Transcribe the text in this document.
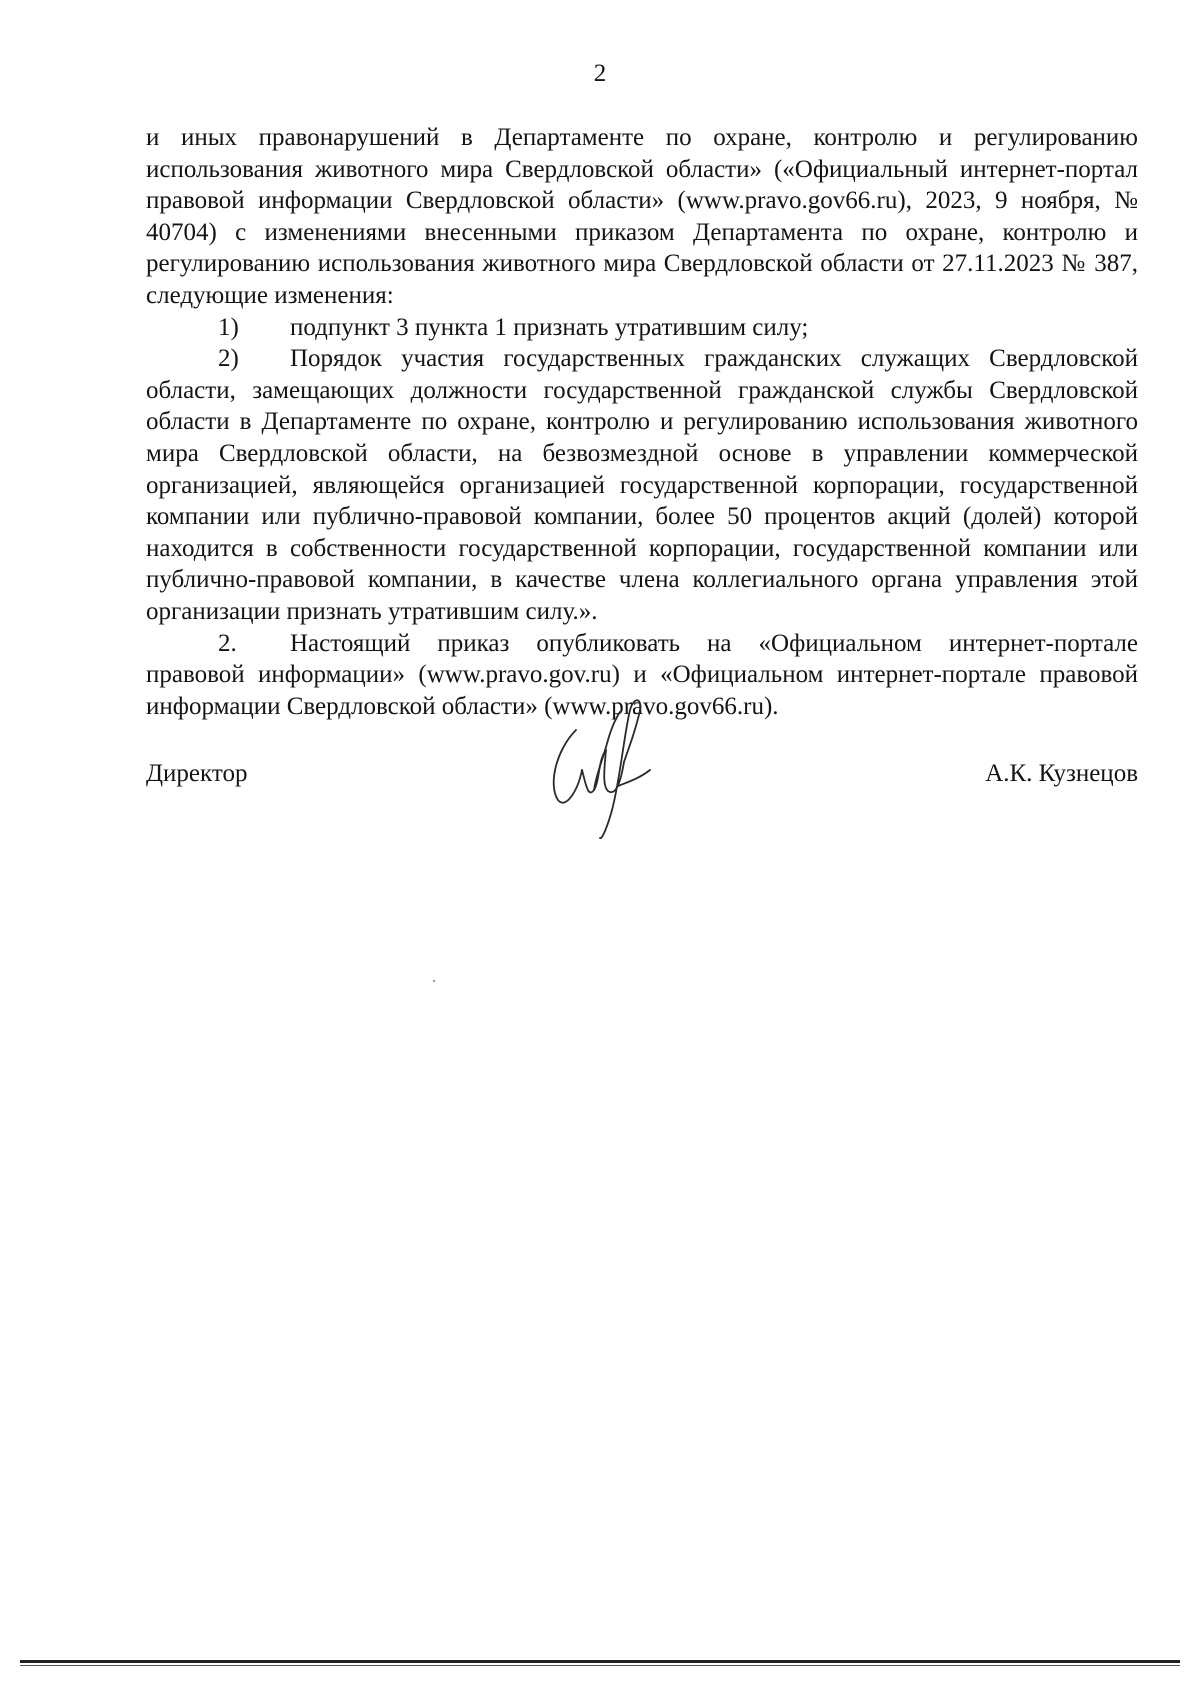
2

и иных правонарушений в Департаменте по охране, контролю и регулированию использования животного мира Свердловской области» («Официальный интернет-портал правовой информации Свердловской области» (www.pravo.gov66.ru), 2023, 9 ноября, № 40704) с изменениями внесенными приказом Департамента по охране, контролю и регулированию использования животного мира Свердловской области от 27.11.2023 № 387, следующие изменения:

1) подпункт 3 пункта 1 признать утратившим силу;

2) Порядок участия государственных гражданских служащих Свердловской области, замещающих должности государственной гражданской службы Свердловской области в Департаменте по охране, контролю и регулированию использования животного мира Свердловской области, на безвозмездной основе в управлении коммерческой организацией, являющейся организацией государственной корпорации, государственной компании или публично-правовой компании, более 50 процентов акций (долей) которой находится в собственности государственной корпорации, государственной компании или публично-правовой компании, в качестве члена коллегиального органа управления этой организации признать утратившим силу.».

2. Настоящий приказ опубликовать на «Официальном интернет-портале правовой информации» (www.pravo.gov.ru) и «Официальном интернет-портале правовой информации Свердловской области» (www.pravo.gov66.ru).

Директор	А.К. Кузнецов
